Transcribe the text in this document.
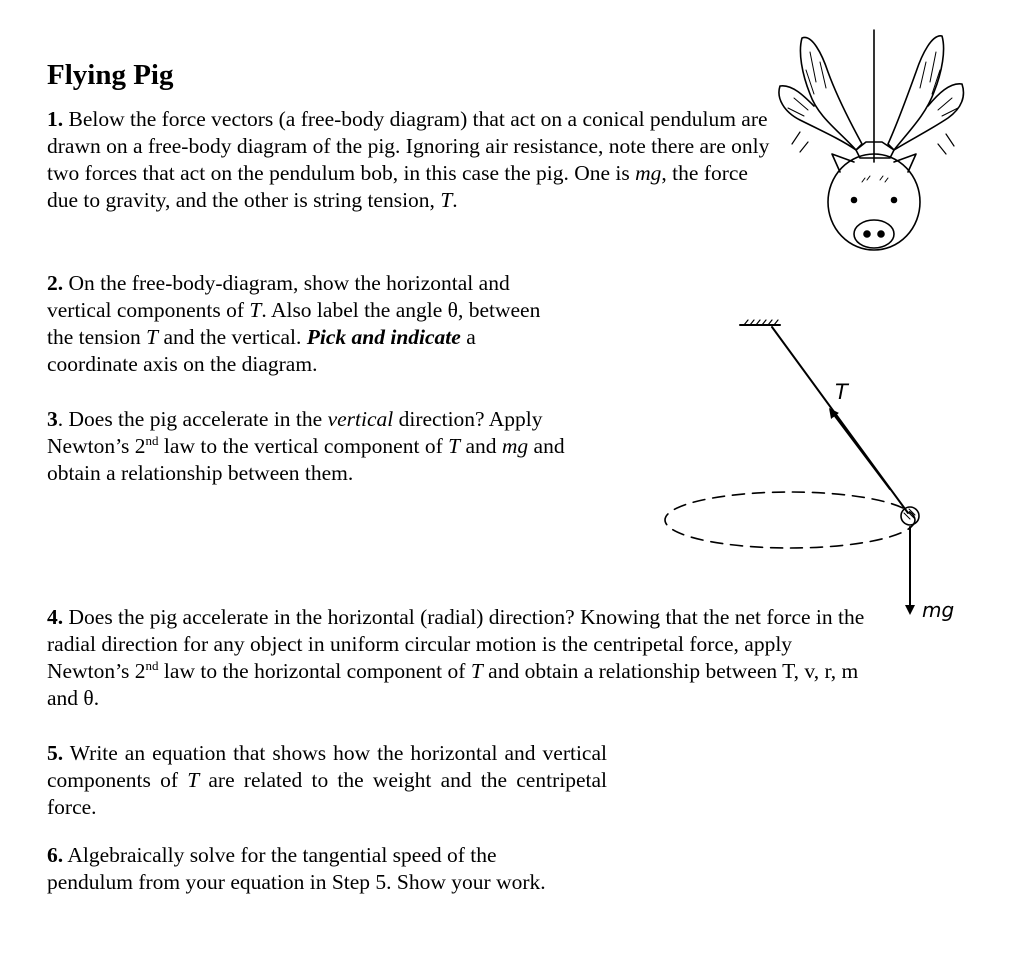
Flying Pig

1. Below the force vectors (a free-body diagram) that act on a conical pendulum are drawn on a free-body diagram of the pig. Ignoring air resistance, note there are only two forces that act on the pendulum bob, in this case the pig. One is mg, the force due to gravity, and the other is string tension, T.

2. On the free-body-diagram, show the horizontal and vertical components of T. Also label the angle θ, between the tension T and the vertical. Pick and indicate a coordinate axis on the diagram.

3. Does the pig accelerate in the vertical direction? Apply Newton’s 2nd law to the vertical component of T and mg and obtain a relationship between them.

4. Does the pig accelerate in the horizontal (radial) direction? Knowing that the net force in the radial direction for any object in uniform circular motion is the centripetal force, apply Newton’s 2nd law to the horizontal component of T and obtain a relationship between T, v, r, m and θ.

5. Write an equation that shows how the horizontal and vertical components of T are related to the weight and the centripetal force.

6. Algebraically solve for the tangential speed of the pendulum from your equation in Step 5. Show your work.

T
mg
